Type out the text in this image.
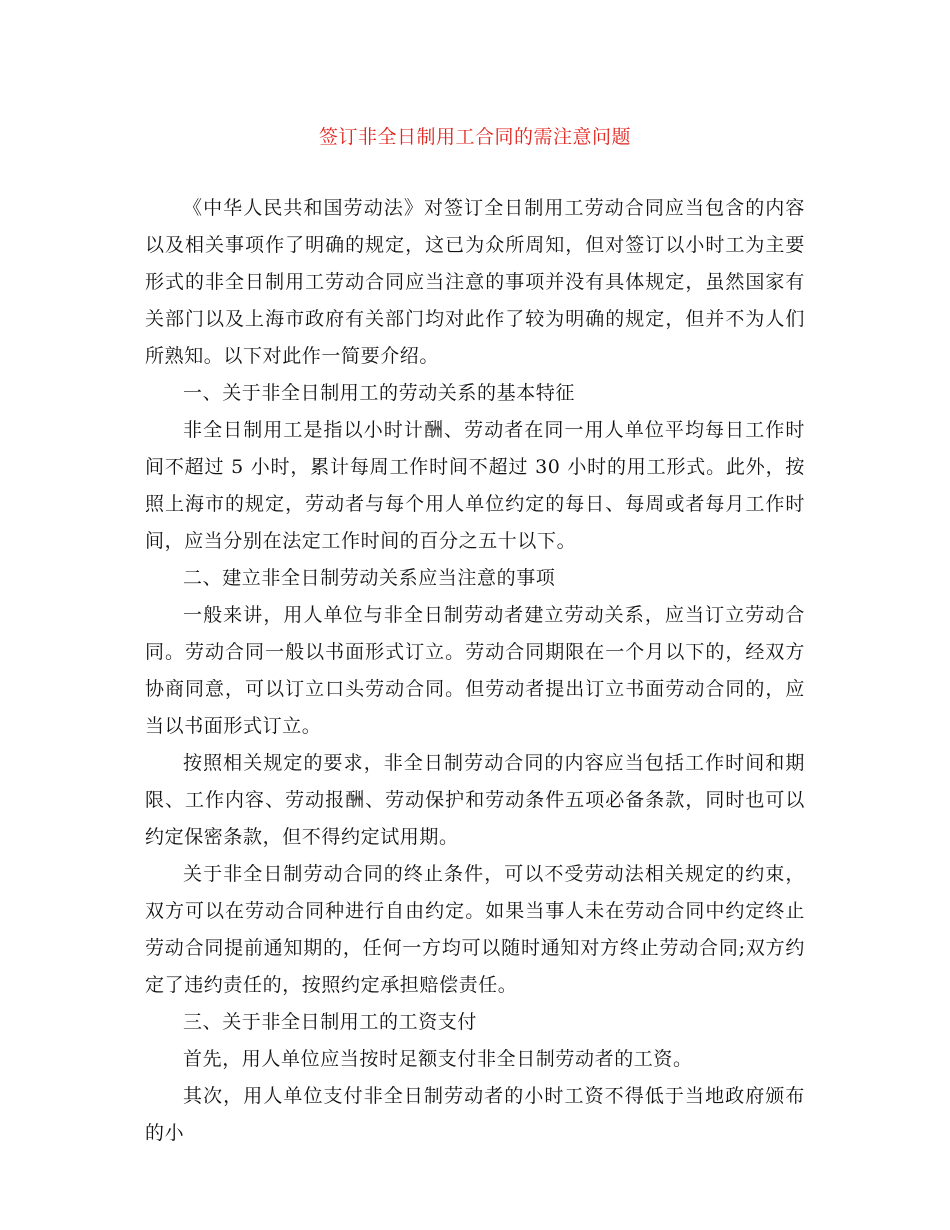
签订非全日制用工合同的需注意问题

《中华人民共和国劳动法》对签订全日制用工劳动合同应当包含的内容以及相关事项作了明确的规定，这已为众所周知，但对签订以小时工为主要形式的非全日制用工劳动合同应当注意的事项并没有具体规定，虽然国家有关部门以及上海市政府有关部门均对此作了较为明确的规定，但并不为人们所熟知。以下对此作一简要介绍。

一、关于非全日制用工的劳动关系的基本特征

非全日制用工是指以小时计酬、劳动者在同一用人单位平均每日工作时间不超过 5 小时，累计每周工作时间不超过 30 小时的用工形式。此外，按照上海市的规定，劳动者与每个用人单位约定的每日、每周或者每月工作时间，应当分别在法定工作时间的百分之五十以下。

二、建立非全日制劳动关系应当注意的事项

一般来讲，用人单位与非全日制劳动者建立劳动关系，应当订立劳动合同。劳动合同一般以书面形式订立。劳动合同期限在一个月以下的，经双方协商同意，可以订立口头劳动合同。但劳动者提出订立书面劳动合同的，应当以书面形式订立。

按照相关规定的要求，非全日制劳动合同的内容应当包括工作时间和期限、工作内容、劳动报酬、劳动保护和劳动条件五项必备条款，同时也可以约定保密条款，但不得约定试用期。

关于非全日制劳动合同的终止条件，可以不受劳动法相关规定的约束，双方可以在劳动合同种进行自由约定。如果当事人未在劳动合同中约定终止劳动合同提前通知期的，任何一方均可以随时通知对方终止劳动合同;双方约定了违约责任的，按照约定承担赔偿责任。

三、关于非全日制用工的工资支付

首先，用人单位应当按时足额支付非全日制劳动者的工资。

其次，用人单位支付非全日制劳动者的小时工资不得低于当地政府颁布的小
